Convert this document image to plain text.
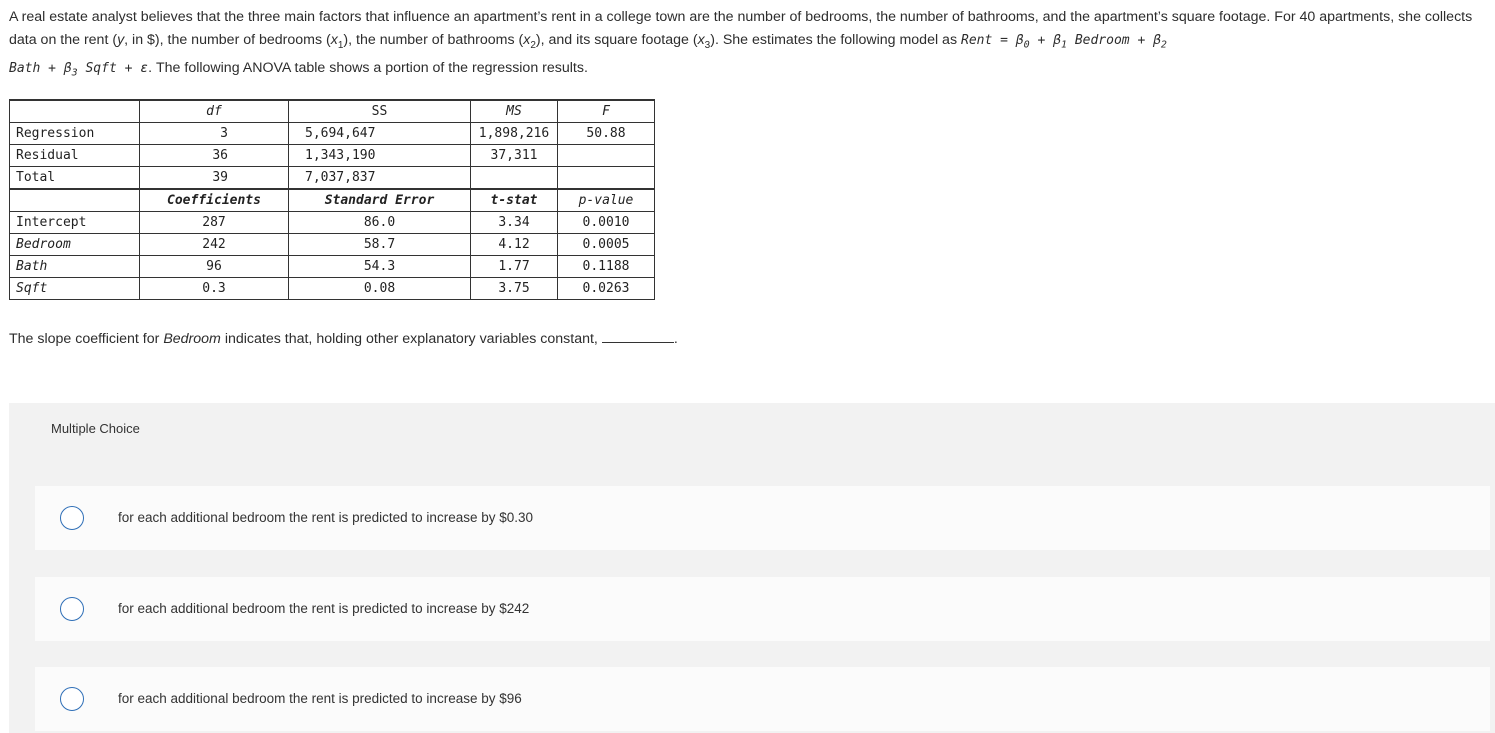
A real estate analyst believes that the three main factors that influence an apartment’s rent in a college town are the number of bedrooms, the number of bathrooms, and the apartment’s square footage. For 40 apartments, she collects data on the rent (y, in $), the number of bedrooms $(x_1)$, the number of bathrooms $(x_2)$, and its square footage $(x_3)$. She estimates the following model as Rent = $\beta_0 + \beta_1$ Bedroom + $\beta_2$
Bath + $\beta_3$ Sqft + ε. The following ANOVA table shows a portion of the regression results.
	df	SS	MS	F
Regression	3	5,694,647	1,898,216	50.88
Residual	36	1,343,190	37,311	
Total	39	7,037,837		
	Coefficients	Standard Error	t-stat	p-value
Intercept	287	86.0	3.34	0.0010
Bedroom	242	58.7	4.12	0.0005
Bath	96	54.3	1.77	0.1188
Sqft	0.3	0.08	3.75	0.0263
The slope coefficient for Bedroom indicates that, holding other explanatory variables constant,	.
Multiple Choice
for each additional bedroom the rent is predicted to increase by $0.30
for each additional bedroom the rent is predicted to increase by $242
for each additional bedroom the rent is predicted to increase by $96
